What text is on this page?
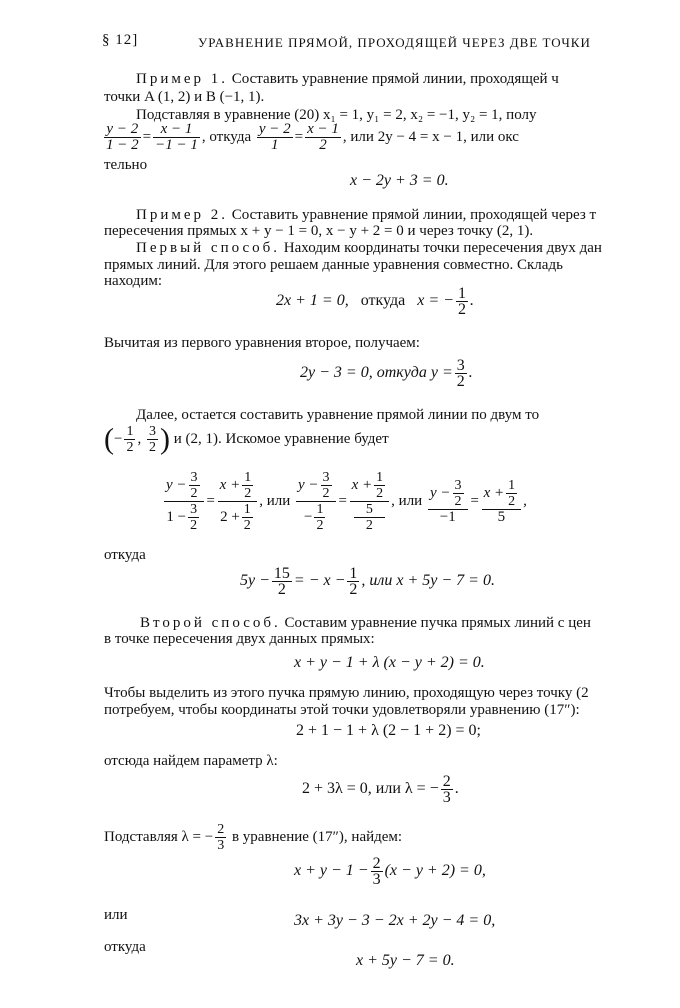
§ 12]	УРАВНЕНИЕ ПРЯМОЙ, ПРОХОДЯЩЕЙ ЧЕРЕЗ ДВЕ ТОЧКИ
Пример 1. Составить уравнение прямой линии, проходящей ч
точки A (1, 2) и B (−1, 1).
Подставляя в уравнение (20) x₁ = 1, y₁ = 2, x₂ = −1, y₂ = 1, полу
$\frac{y - 2}{1 - 2} = \frac{x - 1}{-1 - 1}$ , откуда $\frac{y - 2}{1} = \frac{x - 1}{2}$ , или 2y − 4 = x − 1, или окс
тельно
x − 2y + 3 = 0.
Пример 2. Составить уравнение прямой линии, проходящей через т
пересечения прямых x + y − 1 = 0, x − y + 2 = 0 и через точку (2, 1).
Первый способ. Находим координаты точки пересечения двух дан
прямых линий. Для этого решаем данные уравнения совместно. Складь
находим:
2x + 1 = 0, откуда x = − $\frac{1}{2}$ .
Вычитая из первого уравнения второе, получаем:
2y − 3 = 0, откуда $y = \frac{3}{2}$ .
Далее, остается составить уравнение прямой линии по двум то
(− $\frac{1}{2}$ , $\frac{3}{2}$ ) и (2, 1). Искомое уравнение будет
$\frac{y - \frac{3}{2}}{1 - \frac{3}{2}} = \frac{x + \frac{1}{2}}{2 + \frac{1}{2}}$ , или $\frac{y - \frac{3}{2}}{- \frac{1}{2}} = x + \frac{1}{2}$
5
2 , или $\frac{y - \frac{3}{2}}{-1} = \frac{x + \frac{1}{2}}{5}$ ,
откуда
$5y - \frac{15}{2}$ = − $x - \frac{1}{2}$ , или x + 5y − 7 = 0.
Второй способ. Составим уравнение пучка прямых линий с цен
в точке пересечения двух данных прямых:
x + y − 1 + λ (x − y + 2) = 0.
Чтобы выделить из этого пучка прямую линию, проходящую через точку (2
потребуем, чтобы координаты этой точки удовлетворяли уравнению (17″):
2 + 1 − 1 + λ (2 − 1 + 2) = 0;
отсюда найдем параметр λ:
2 + 3λ = 0, или λ = − $\frac{2}{3}$ .
Подставляя λ = − $\frac{2}{3}$ в уравнение (17″), найдем:
$x + y - 1 - \frac{2}{3} (x - y + 2) = 0$,
или	3x + 3y − 3 − 2x + 2y − 4 = 0,
откуда
x + 5y − 7 = 0.
